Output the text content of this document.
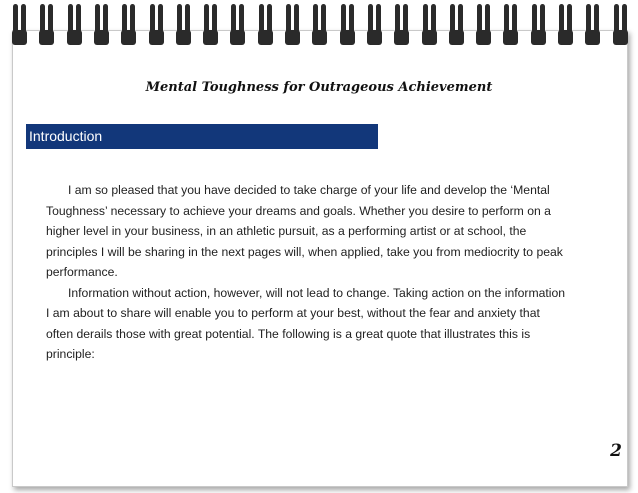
Mental Toughness for Outrageous Achievement
Introduction

I am so pleased that you have decided to take charge of your life and develop the ‘Mental Toughness’ necessary to achieve your dreams and goals. Whether you desire to perform on a higher level in your business, in an athletic pursuit, as a performing artist or at school, the principles I will be sharing in the next pages will, when applied, take you from mediocrity to peak performance.

Information without action, however, will not lead to change. Taking action on the information I am about to share will enable you to perform at your best, without the fear and anxiety that often derails those with great potential. The following is a great quote that illustrates this is principle:

2
